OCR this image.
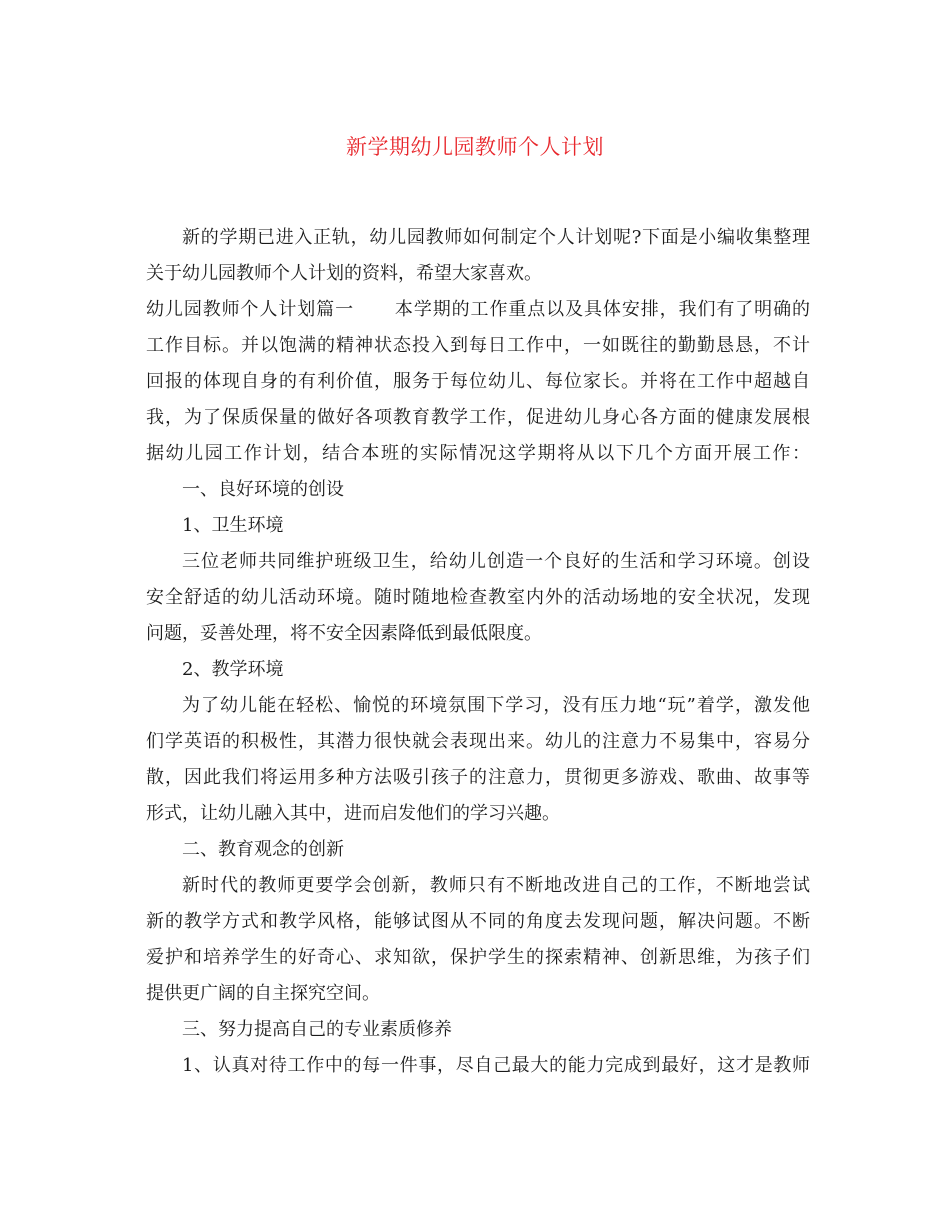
新学期幼儿园教师个人计划
新的学期已进入正轨，幼儿园教师如何制定个人计划呢?下面是小编收集整理
关于幼儿园教师个人计划的资料，希望大家喜欢。
幼儿园教师个人计划篇一 本学期的工作重点以及具体安排，我们有了明确的
工作目标。并以饱满的精神状态投入到每日工作中，一如既往的勤勤恳恳，不计
回报的体现自身的有利价值，服务于每位幼儿、每位家长。并将在工作中超越自
我，为了保质保量的做好各项教育教学工作，促进幼儿身心各方面的健康发展根
据幼儿园工作计划，结合本班的实际情况这学期将从以下几个方面开展工作：
一、良好环境的创设
1、卫生环境
三位老师共同维护班级卫生，给幼儿创造一个良好的生活和学习环境。创设
安全舒适的幼儿活动环境。随时随地检查教室内外的活动场地的安全状况，发现
问题，妥善处理，将不安全因素降低到最低限度。
2、教学环境
为了幼儿能在轻松、愉悦的环境氛围下学习，没有压力地“玩”着学，激发他
们学英语的积极性，其潜力很快就会表现出来。幼儿的注意力不易集中，容易分
散，因此我们将运用多种方法吸引孩子的注意力，贯彻更多游戏、歌曲、故事等
形式，让幼儿融入其中，进而启发他们的学习兴趣。
二、教育观念的创新
新时代的教师更要学会创新，教师只有不断地改进自己的工作，不断地尝试
新的教学方式和教学风格，能够试图从不同的角度去发现问题，解决问题。不断
爱护和培养学生的好奇心、求知欲，保护学生的探索精神、创新思维，为孩子们
提供更广阔的自主探究空间。
三、努力提高自己的专业素质修养
1、认真对待工作中的每一件事，尽自己最大的能力完成到最好，这才是教师
